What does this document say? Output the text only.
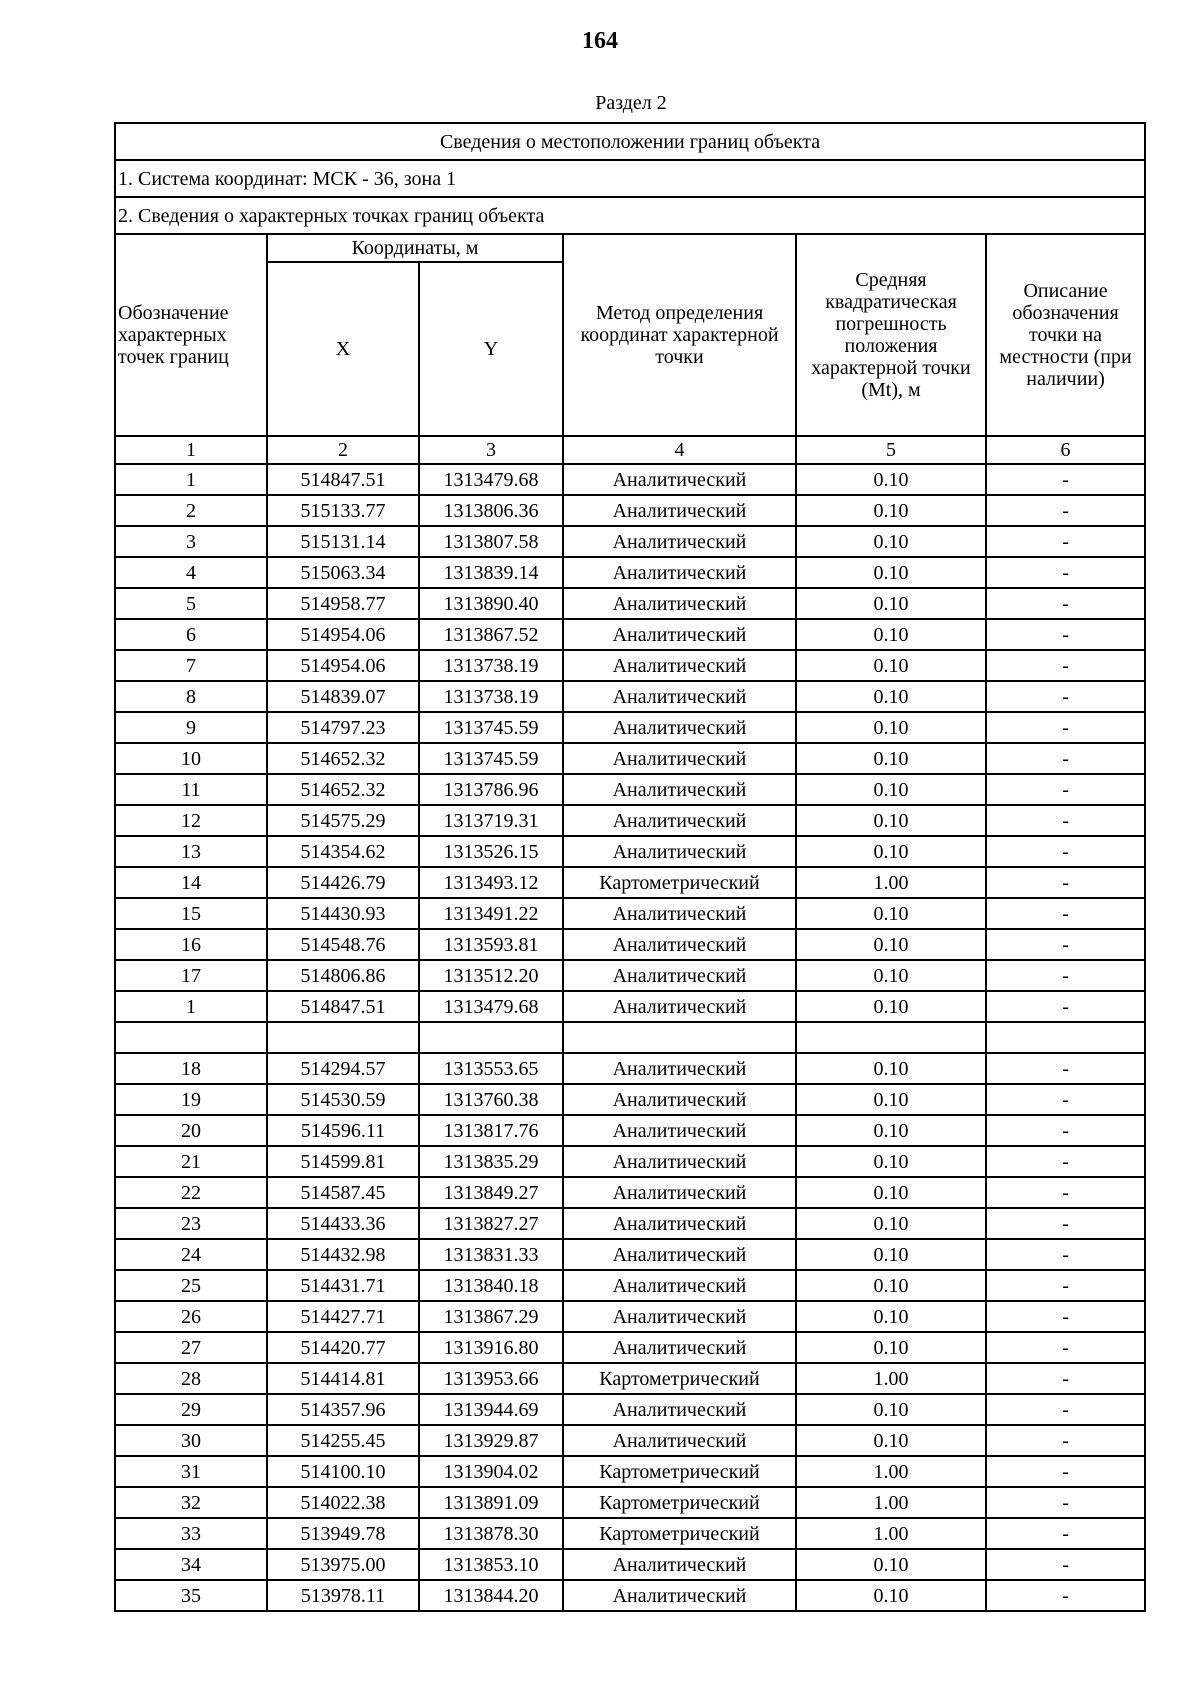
164
Раздел 2
Сведения о местоположении границ объекта					
1. Система координат: МСК - 36, зона 1					
2. Сведения о характерных точках границ объекта					
Обозначение характерных точек границ	Координаты, м		Метод определения координат характерной точки	Средняя квадратическая погрешность положения характерной точки (Mt), м	Описание обозначения точки на местности (при наличии)
	X	Y			
1	2	3	4	5	6
1	514847.51	1313479.68	Аналитический	0.10	-
2	515133.77	1313806.36	Аналитический	0.10	-
3	515131.14	1313807.58	Аналитический	0.10	-
4	515063.34	1313839.14	Аналитический	0.10	-
5	514958.77	1313890.40	Аналитический	0.10	-
6	514954.06	1313867.52	Аналитический	0.10	-
7	514954.06	1313738.19	Аналитический	0.10	-
8	514839.07	1313738.19	Аналитический	0.10	-
9	514797.23	1313745.59	Аналитический	0.10	-
10	514652.32	1313745.59	Аналитический	0.10	-
11	514652.32	1313786.96	Аналитический	0.10	-
12	514575.29	1313719.31	Аналитический	0.10	-
13	514354.62	1313526.15	Аналитический	0.10	-
14	514426.79	1313493.12	Картометрический	1.00	-
15	514430.93	1313491.22	Аналитический	0.10	-
16	514548.76	1313593.81	Аналитический	0.10	-
17	514806.86	1313512.20	Аналитический	0.10	-
1	514847.51	1313479.68	Аналитический	0.10	-

18	514294.57	1313553.65	Аналитический	0.10	-
19	514530.59	1313760.38	Аналитический	0.10	-
20	514596.11	1313817.76	Аналитический	0.10	-
21	514599.81	1313835.29	Аналитический	0.10	-
22	514587.45	1313849.27	Аналитический	0.10	-
23	514433.36	1313827.27	Аналитический	0.10	-
24	514432.98	1313831.33	Аналитический	0.10	-
25	514431.71	1313840.18	Аналитический	0.10	-
26	514427.71	1313867.29	Аналитический	0.10	-
27	514420.77	1313916.80	Аналитический	0.10	-
28	514414.81	1313953.66	Картометрический	1.00	-
29	514357.96	1313944.69	Аналитический	0.10	-
30	514255.45	1313929.87	Аналитический	0.10	-
31	514100.10	1313904.02	Картометрический	1.00	-
32	514022.38	1313891.09	Картометрический	1.00	-
33	513949.78	1313878.30	Картометрический	1.00	-
34	513975.00	1313853.10	Аналитический	0.10	-
35	513978.11	1313844.20	Аналитический	0.10	-
